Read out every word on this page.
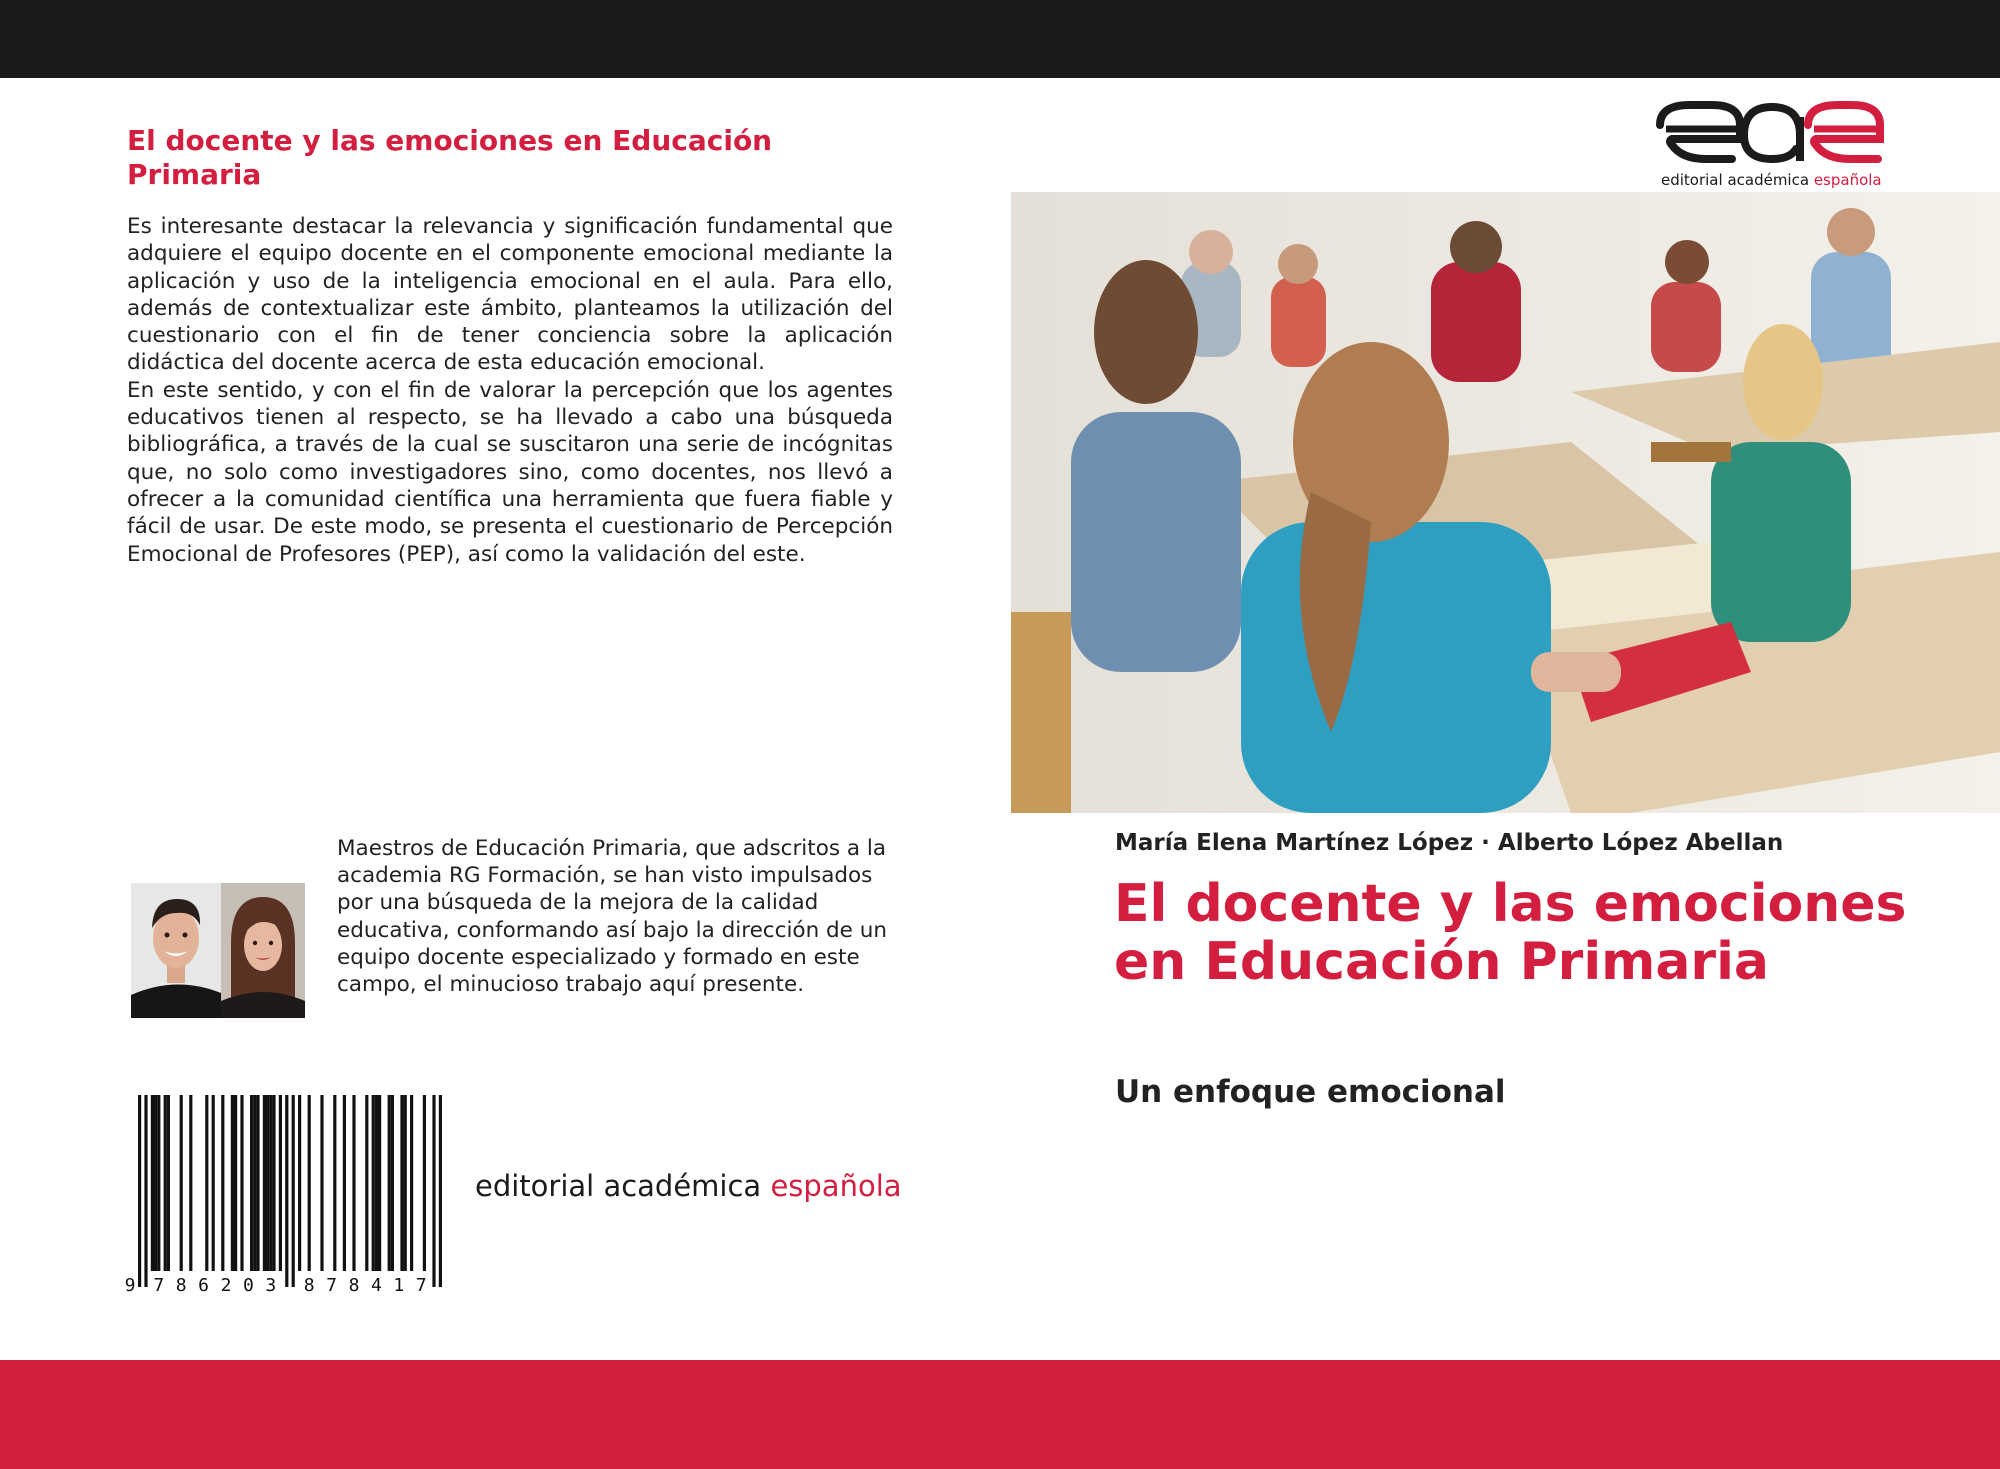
El docente y las emociones en Educación Primaria

Es interesante destacar la relevancia y significación fundamental que adquiere el equipo docente en el componente emocional mediante la aplicación y uso de la inteligencia emocional en el aula. Para ello, además de contextualizar este ámbito, planteamos la utilización del cuestionario con el fin de tener conciencia sobre la aplicación didáctica del docente acerca de esta educación emocional.

En este sentido, y con el fin de valorar la percepción que los agentes educativos tienen al respecto, se ha llevado a cabo una búsqueda bibliográfica, a través de la cual se suscitaron una serie de incógnitas que, no solo como investigadores sino, como docentes, nos llevó a ofrecer a la comunidad científica una herramienta que fuera fiable y fácil de usar. De este modo, se presenta el cuestionario de Percepción Emocional de Profesores (PEP), así como la validación del este.

Maestros de Educación Primaria, que adscritos a la academia RG Formación, se han visto impulsados por una búsqueda de la mejora de la calidad educativa, conformando así bajo la dirección de un equipo docente especializado y formado en este campo, el minucioso trabajo aquí presente.
9 7 8 6 2 0 3 8 7 8 4 1 7

editorial académica española

editorial académica española
María Elena Martínez López · Alberto López Abellan
El docente y las emociones en Educación Primaria
Un enfoque emocional
